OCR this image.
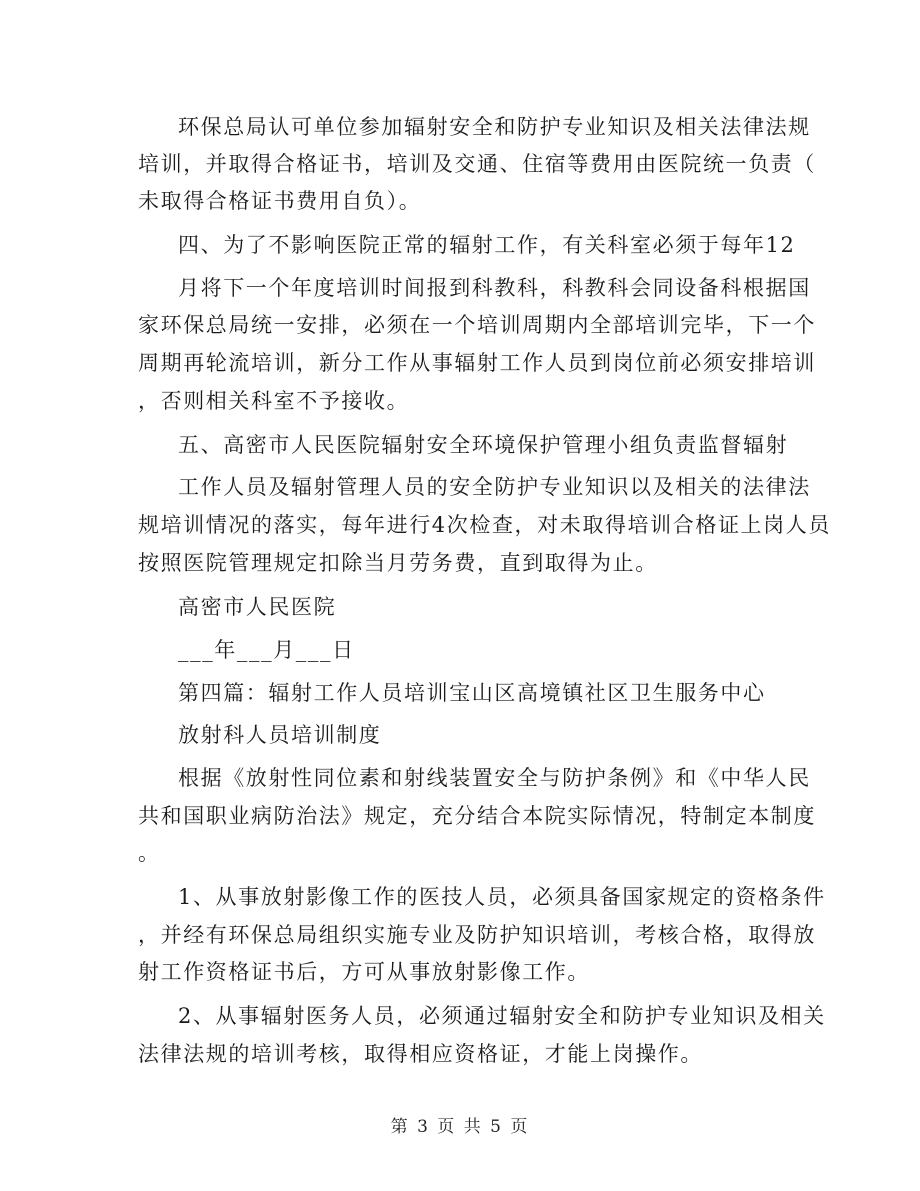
环保总局认可单位参加辐射安全和防护专业知识及相关法律法规
培训，并取得合格证书，培训及交通、住宿等费用由医院统一负责（
未取得合格证书费用自负）。
四、为了不影响医院正常的辐射工作，有关科室必须于每年12
月将下一个年度培训时间报到科教科，科教科会同设备科根据国
家环保总局统一安排，必须在一个培训周期内全部培训完毕，下一个
周期再轮流培训，新分工作从事辐射工作人员到岗位前必须安排培训
，否则相关科室不予接收。
五、高密市人民医院辐射安全环境保护管理小组负责监督辐射
工作人员及辐射管理人员的安全防护专业知识以及相关的法律法
规培训情况的落实，每年进行4次检查，对未取得培训合格证上岗人员
按照医院管理规定扣除当月劳务费，直到取得为止。
高密市人民医院
___年___月___日
第四篇：辐射工作人员培训宝山区高境镇社区卫生服务中心
放射科人员培训制度
根据《放射性同位素和射线装置安全与防护条例》和《中华人民
共和国职业病防治法》规定，充分结合本院实际情况，特制定本制度
。
1、从事放射影像工作的医技人员，必须具备国家规定的资格条件
，并经有环保总局组织实施专业及防护知识培训，考核合格，取得放
射工作资格证书后，方可从事放射影像工作。
2、从事辐射医务人员，必须通过辐射安全和防护专业知识及相关
法律法规的培训考核，取得相应资格证，才能上岗操作。
第 3 页 共 5 页
